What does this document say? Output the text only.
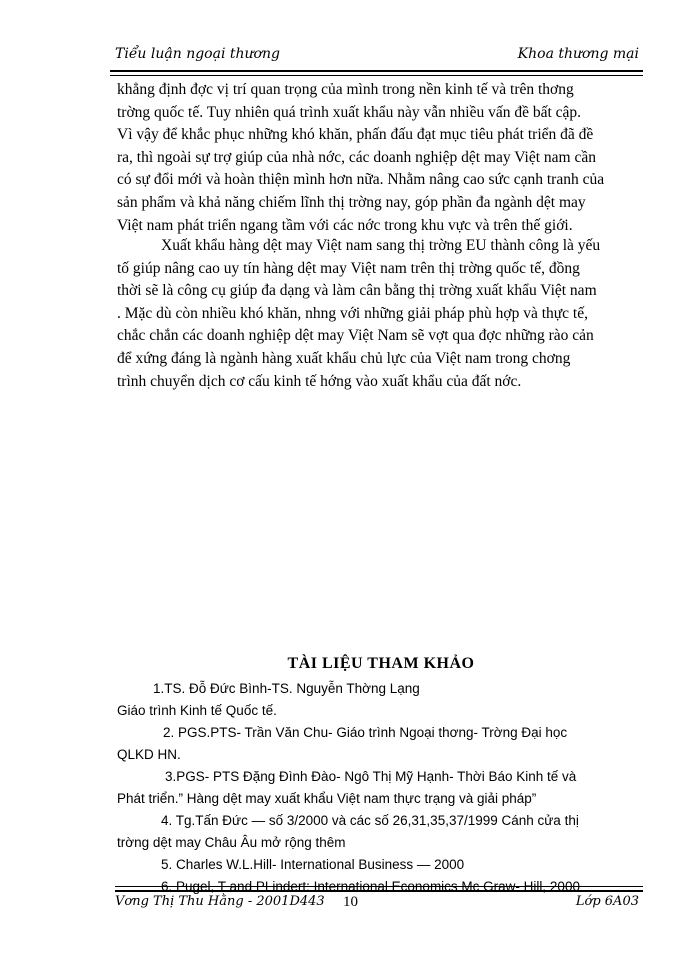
Tiểu luận ngoại thương	Khoa thương mại

khẳng định đợc vị trí quan trọng của mình trong nền kinh tế và trên thơng

trờng quốc tế. Tuy nhiên quá trình xuất khẩu này vẫn nhiều vấn đề bất cập.

Vì vậy để khắc phục những khó khăn, phấn đấu đạt mục tiêu phát triển đã đề

ra, thì ngoài sự trợ giúp của nhà nớc, các doanh nghiệp dệt may Việt nam cần

có sự đổi mới và hoàn thiện mình hơn nữa. Nhằm nâng cao sức cạnh tranh của

sản phẩm và khả năng chiếm lĩnh thị trờng nay, góp phần đa ngành dệt may

Việt nam phát triển ngang tầm với các nớc trong khu vực và trên thế giới.

Xuất khẩu hàng dệt may Việt nam sang thị trờng EU thành công là yếu

tố giúp nâng cao uy tín hàng dệt may Việt nam trên thị trờng quốc tế, đồng

thời sẽ là công cụ giúp đa dạng và làm cân bằng thị trờng xuất khẩu Việt nam

. Mặc dù còn nhiều khó khăn, nhng với những giải pháp phù hợp và thực tế,

chắc chắn các doanh nghiệp dệt may Việt Nam sẽ vợt qua đợc những rào cản

để xứng đáng là ngành hàng xuất khẩu chủ lực của Việt nam trong chơng

trình chuyển dịch cơ cấu kinh tế hớng vào xuất khẩu của đất nớc.

TÀI LIỆU THAM KHẢO
1.TS. Đỗ Đức Bình-TS. Nguyễn Thờng Lạng
Giáo trình Kinh tế Quốc tế.
2. PGS.PTS- Trần Văn Chu- Giáo trình Ngoại thơng- Trờng Đại học
QLKD HN.
3.PGS- PTS Đặng Đình Đào- Ngô Thị Mỹ Hạnh- Thời Báo Kinh tế và
Phát triển.” Hàng dệt may xuất khẩu Việt nam thực trạng và giải pháp”
4. Tg.Tấn Đức — số 3/2000 và các số 26,31,35,37/1999 Cánh cửa thị
trờng dệt may Châu Âu mở rộng thêm
5. Charles W.L.Hill- International Business — 2000
6. Pugel, T and PLindert: International Economics Mc Graw- Hill, 2000
Vơng Thị Thu Hằng - 2001D443 10	Lớp 6A03
